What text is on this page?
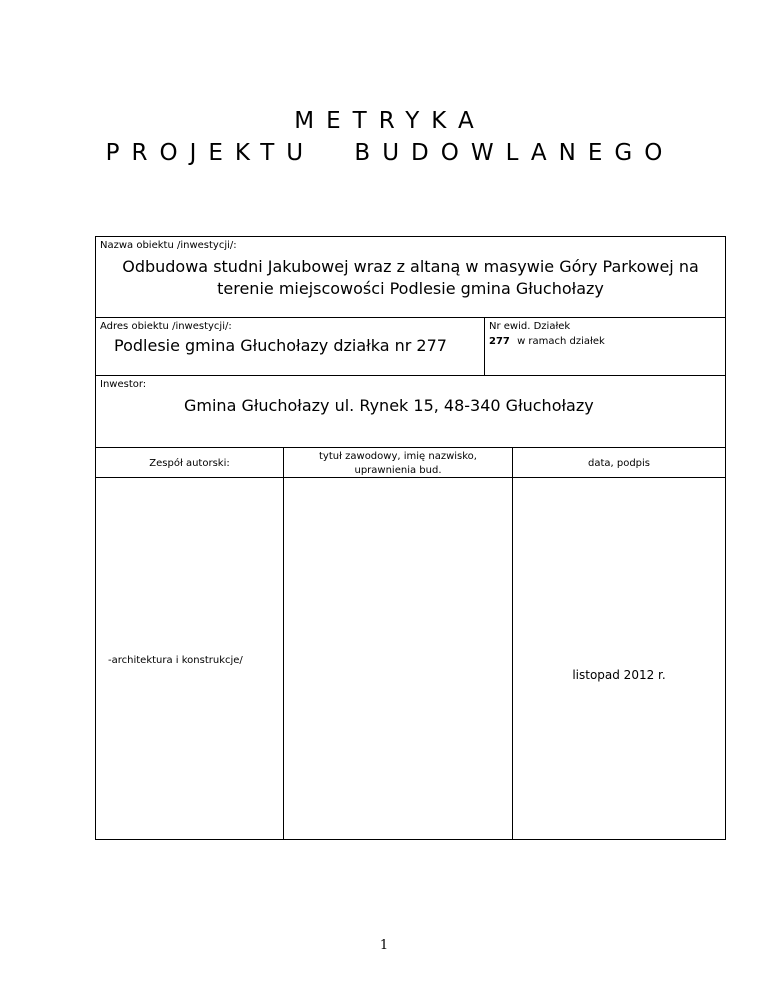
METRYKA
PROJEKTU BUDOWLANEGO
Nazwa obiektu /inwestycji/:
Odbudowa studni Jakubowej wraz z altaną w masywie Góry Parkowej na
terenie miejscowości Podlesie gmina Głuchołazy
Adres obiektu /inwestycji/:
Podlesie gmina Głuchołazy działka nr 277
Nr ewid. Działek
277 w ramach działek
Inwestor:
Gmina Głuchołazy ul. Rynek 15, 48-340 Głuchołazy
Zespół autorski:
tytuł zawodowy, imię nazwisko,
uprawnienia bud.
data, podpis
-architektura i konstrukcje/
listopad 2012 r.
1
